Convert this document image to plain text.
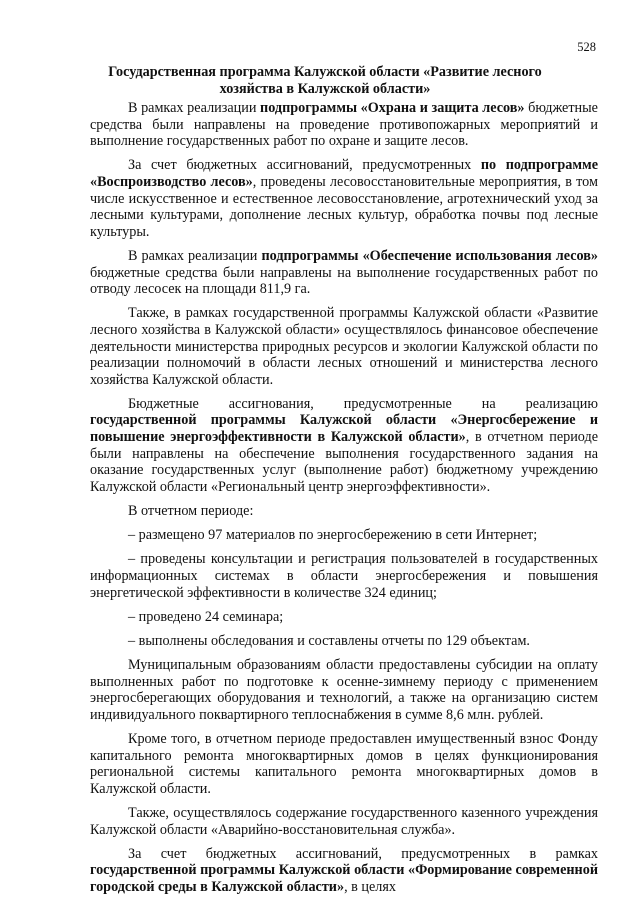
528
Государственная программа Калужской области «Развитие лесного хозяйства в Калужской области»

В рамках реализации подпрограммы «Охрана и защита лесов» бюджетные средства были направлены на проведение противопожарных мероприятий и выполнение государственных работ по охране и защите лесов.

За счет бюджетных ассигнований, предусмотренных по подпрограмме «Воспроизводство лесов», проведены лесовосстановительные мероприятия, в том числе искусственное и естественное лесовосстановление, агротехнический уход за лесными культурами, дополнение лесных культур, обработка почвы под лесные культуры.

В рамках реализации подпрограммы «Обеспечение использования лесов» бюджетные средства были направлены на выполнение государственных работ по отводу лесосек на площади 811,9 га.

Также, в рамках государственной программы Калужской области «Развитие лесного хозяйства в Калужской области» осуществлялось финансовое обеспечение деятельности министерства природных ресурсов и экологии Калужской области по реализации полномочий в области лесных отношений и министерства лесного хозяйства Калужской области.

Бюджетные ассигнования, предусмотренные на реализацию государственной программы Калужской области «Энергосбережение и повышение энергоэффективности в Калужской области», в отчетном периоде были направлены на обеспечение выполнения государственного задания на оказание государственных услуг (выполнение работ) бюджетному учреждению Калужской области «Региональный центр энергоэффективности».

В отчетном периоде:

– размещено 97 материалов по энергосбережению в сети Интернет;

– проведены консультации и регистрация пользователей в государственных информационных системах в области энергосбережения и повышения энергетической эффективности в количестве 324 единиц;

– проведено 24 семинара;

– выполнены обследования и составлены отчеты по 129 объектам.

Муниципальным образованиям области предоставлены субсидии на оплату выполненных работ по подготовке к осенне-зимнему периоду с применением энергосберегающих оборудования и технологий, а также на организацию систем индивидуального поквартирного теплоснабжения в сумме 8,6 млн. рублей.

Кроме того, в отчетном периоде предоставлен имущественный взнос Фонду капитального ремонта многоквартирных домов в целях функционирования региональной системы капитального ремонта многоквартирных домов в Калужской области.

Также, осуществлялось содержание государственного казенного учреждения Калужской области «Аварийно-восстановительная служба».

За счет бюджетных ассигнований, предусмотренных в рамках государственной программы Калужской области «Формирование современной городской среды в Калужской области», в целях
